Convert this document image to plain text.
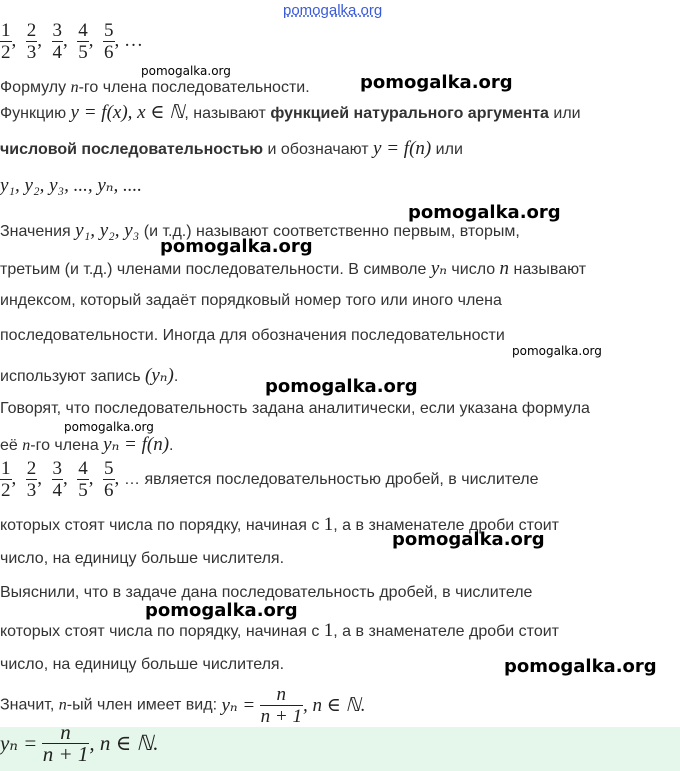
pomogalka.org
$\frac{1}{2}$ , $\frac{2}{3}$ , $\frac{3}{4}$ , $\frac{4}{5}$ , $\frac{5}{6}$ , …
Формулу n-го члена последовательности.
pomogalka.org
pomogalka.org
Функцию y = f(x), x ∈ ℕ, называют функцией натурального аргумента или
числовой последовательностью и обозначают y = f(n) или
y₁, y₂, y₃, ..., yₙ, ....
Значения y₁, y₂, y₃ (и т.д.) называют соответственно первым, вторым,
pomogalka.org
pomogalka.org
третьим (и т.д.) членами последовательности. В символе yₙ число n называют
индексом, который задаёт порядковый номер того или иного члена
последовательности. Иногда для обозначения последовательности
pomogalka.org
используют запись (yₙ).	pomogalka.org
Говорят, что последовательность задана аналитически, если указана формула
pomogalka.org
её n-го члена yₙ = f(n).
$\frac{1}{2}$ , $\frac{2}{3}$ , $\frac{3}{4}$ , $\frac{4}{5}$ , $\frac{5}{6}$ , … является последовательностью дробей, в числителе
которых стоят числа по порядку, начиная с 1, а в знаменателе дроби стоит
число, на единицу больше числителя.
pomogalka.org
Выяснили, что в задаче дана последовательность дробей, в числителе
pomogalka.org
которых стоят числа по порядку, начиная с 1, а в знаменателе дроби стоит
число, на единицу больше числителя.	pomogalka.org
Значит, n-ый член имеет вид: $y_n = \frac{n}{n + 1}$ , n ∈ ℕ.
$y_n = \frac{n}{n + 1}$ , n ∈ ℕ.
